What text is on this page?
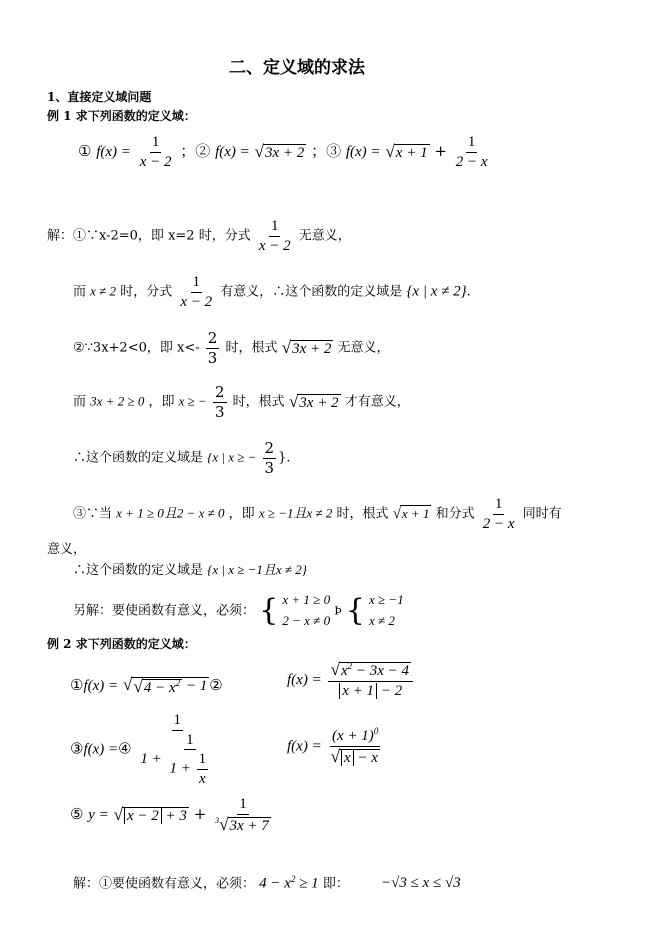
二、定义域的求法
1、直接定义域问题
例 1 求下列函数的定义域：
① $f(x) = \frac{1}{x - 2}$ ；② f(x) = √3x + 2 ；③ $f(x) = √x + 1 + \frac{1}{2 - x}$
解：①∵x-2=0，即 x=2 时，分式 $\frac{1}{x - 2}$ 无意义，
而 x ≠ 2 时，分式 $\frac{1}{x - 2}$ 有意义，∴这个函数的定义域是 {x | x ≠ 2}.
②∵3x+2<0，即 $x<- \frac{2}{3}$ 时，根式 √3x + 2 无意义，
而 3x + 2 ≥ 0 ，即 x ≥ − $\frac{2}{3}$ 时，根式 √3x + 2 才有意义，
∴这个函数的定义域是 {x | x ≥ − $\frac{2}{3}$ }.
③∵当 x + 1 ≥ 0且2 − x ≠ 0 ，即 x ≥ −1且x ≠ 2 时，根式 √x + 1 和分式 $\frac{1}{2 - x}$ 同时有
意义，
∴这个函数的定义域是 {x | x ≥ −1且x ≠ 2}
另解：要使函数有意义，必须： { x + 1 ≥ 0
2 − x ≠ 0
Þ { x ≥ −1
x ≠ 2
例 2 求下列函数的定义域：
①f(x) = $√√4 - x^2 - 1$ ②	$f(x) = \frac{√x^2 - 3x - 4}{x + 1 - 2}$
③f(x) =④ $\frac{1}{1 + \frac{1}{1 + \frac{1}{x}}}$	$f(x) = \frac{(x + 1)^0}{√ x - x}$
⑤ y = √ $x - 2 + 3 + \frac{1}{^3√3x + 7}$
解：①要使函数有意义，必须： $4 - x^2 \ge 1$ 即： −√3 ≤ x ≤ √3
